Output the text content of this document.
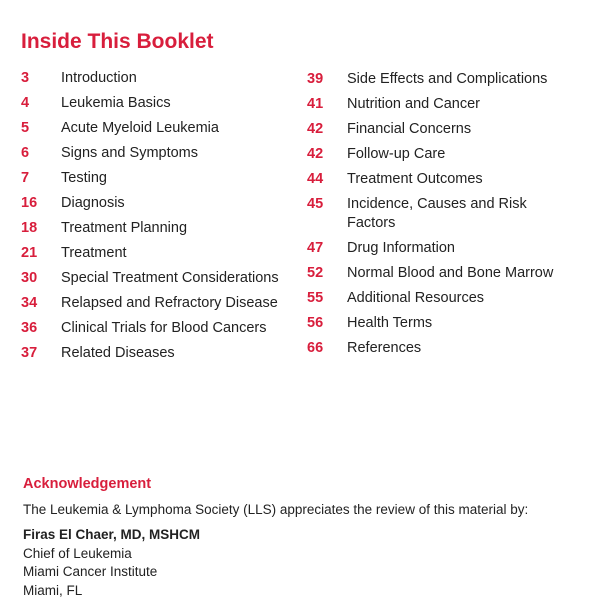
Inside This Booklet
3	Introduction
4	Leukemia Basics
5	Acute Myeloid Leukemia
6	Signs and Symptoms
7	Testing
16	Diagnosis
18	Treatment Planning
21	Treatment
30	Special Treatment Considerations
34	Relapsed and Refractory Disease
36	Clinical Trials for Blood Cancers
37	Related Diseases
39	Side Effects and Complications
41	Nutrition and Cancer
42	Financial Concerns
42	Follow-up Care
44	Treatment Outcomes
45	Incidence, Causes and Risk Factors
47	Drug Information
52	Normal Blood and Bone Marrow
55	Additional Resources
56	Health Terms
66	References
Acknowledgement
The Leukemia & Lymphoma Society (LLS) appreciates the review of this material by:
Firas El Chaer, MD, MSHCM
Chief of Leukemia
Miami Cancer Institute
Miami, FL
